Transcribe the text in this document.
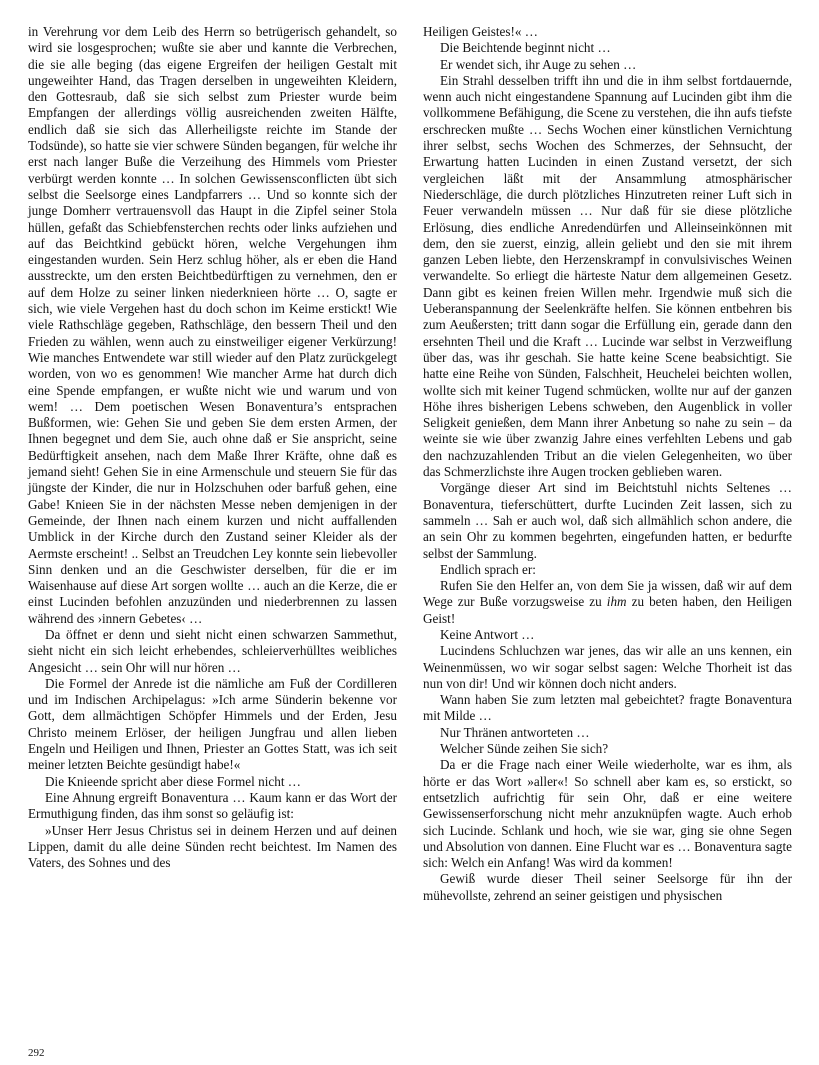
in Verehrung vor dem Leib des Herrn so betrügerisch gehandelt, so wird sie losgesprochen; wußte sie aber und kannte die Verbrechen, die sie alle beging (das eigene Ergreifen der heiligen Gestalt mit ungeweihter Hand, das Tragen derselben in ungeweihten Kleidern, den Gottesraub, daß sie sich selbst zum Priester wurde beim Empfangen der allerdings völlig ausreichenden zweiten Hälfte, endlich daß sie sich das Allerheiligste reichte im Stande der Todsünde), so hatte sie vier schwere Sünden begangen, für welche ihr erst nach langer Buße die Verzeihung des Himmels vom Priester verbürgt werden konnte … In solchen Gewissensconflicten übt sich selbst die Seelsorge eines Landpfarrers … Und so konnte sich der junge Domherr vertrauensvoll das Haupt in die Zipfel seiner Stola hüllen, gefaßt das Schiebfensterchen rechts oder links aufziehen und auf das Beichtkind gebückt hören, welche Vergehungen ihm eingestanden wurden. Sein Herz schlug höher, als er eben die Hand ausstreckte, um den ersten Beichtbedürftigen zu vernehmen, den er auf dem Holze zu seiner linken niederknieen hörte … O, sagte er sich, wie viele Vergehen hast du doch schon im Keime erstickt! Wie viele Rathschläge gegeben, Rathschläge, den bessern Theil und den Frieden zu wählen, wenn auch zu einstweiliger eigener Verkürzung! Wie manches Entwendete war still wieder auf den Platz zurückgelegt worden, von wo es genommen! Wie mancher Arme hat durch dich eine Spende empfangen, er wußte nicht wie und warum und von wem! … Dem poetischen Wesen Bonaventura’s entsprachen Bußformen, wie: Gehen Sie und geben Sie dem ersten Armen, der Ihnen begegnet und dem Sie, auch ohne daß er Sie anspricht, seine Bedürftigkeit ansehen, nach dem Maße Ihrer Kräfte, ohne daß es jemand sieht! Gehen Sie in eine Armenschule und steuern Sie für das jüngste der Kinder, die nur in Holzschuhen oder barfuß gehen, eine Gabe! Knieen Sie in der nächsten Messe neben demjenigen in der Gemeinde, der Ihnen nach einem kurzen und nicht auffallenden Umblick in der Kirche durch den Zustand seiner Kleider als der Aermste erscheint! .. Selbst an Treudchen Ley konnte sein liebevoller Sinn denken und an die Geschwister derselben, für die er im Waisenhause auf diese Art sorgen wollte … auch an die Kerze, die er einst Lucinden befohlen anzuzünden und niederbrennen zu lassen während des ›innern Gebetes‹ …

Da öffnet er denn und sieht nicht einen schwarzen Sammethut, sieht nicht ein sich leicht erhebendes, schleierverhülltes weibliches Angesicht … sein Ohr will nur hören …

Die Formel der Anrede ist die nämliche am Fuß der Cordilleren und im Indischen Archipelagus: »Ich arme Sünderin bekenne vor Gott, dem allmächtigen Schöpfer Himmels und der Erden, Jesu Christo meinem Erlöser, der heiligen Jungfrau und allen lieben Engeln und Heiligen und Ihnen, Priester an Gottes Statt, was ich seit meiner letzten Beichte gesündigt habe!«

Die Knieende spricht aber diese Formel nicht …

Eine Ahnung ergreift Bonaventura … Kaum kann er das Wort der Ermuthigung finden, das ihm sonst so geläufig ist:

»Unser Herr Jesus Christus sei in deinem Herzen und auf deinen Lippen, damit du alle deine Sünden recht beichtest. Im Namen des Vaters, des Sohnes und des

Heiligen Geistes!« …

Die Beichtende beginnt nicht …

Er wendet sich, ihr Auge zu sehen …

Ein Strahl desselben trifft ihn und die in ihm selbst fortdauernde, wenn auch nicht eingestandene Spannung auf Lucinden gibt ihm die vollkommene Befähigung, die Scene zu verstehen, die ihn aufs tiefste erschrecken mußte … Sechs Wochen einer künstlichen Vernichtung ihrer selbst, sechs Wochen des Schmerzes, der Sehnsucht, der Erwartung hatten Lucinden in einen Zustand versetzt, der sich vergleichen läßt mit der Ansammlung atmosphärischer Niederschläge, die durch plötzliches Hinzutreten reiner Luft sich in Feuer verwandeln müssen … Nur daß für sie diese plötzliche Erlösung, dies endliche Anredendürfen und Alleinseinkönnen mit dem, den sie zuerst, einzig, allein geliebt und den sie mit ihrem ganzen Leben liebte, den Herzenskrampf in convulsivisches Weinen verwandelte. So erliegt die härteste Natur dem allgemeinen Gesetz. Dann gibt es keinen freien Willen mehr. Irgendwie muß sich die Ueberanspannung der Seelenkräfte helfen. Sie können entbehren bis zum Aeußersten; tritt dann sogar die Erfüllung ein, gerade dann den ersehnten Theil und die Kraft … Lucinde war selbst in Verzweiflung über das, was ihr geschah. Sie hatte keine Scene beabsichtigt. Sie hatte eine Reihe von Sünden, Falschheit, Heuchelei beichten wollen, wollte sich mit keiner Tugend schmücken, wollte nur auf der ganzen Höhe ihres bisherigen Lebens schweben, den Augenblick in voller Seligkeit genießen, dem Mann ihrer Anbetung so nahe zu sein – da weinte sie wie über zwanzig Jahre eines verfehlten Lebens und gab den nachzuzahlenden Tribut an die vielen Gelegenheiten, wo über das Schmerzlichste ihre Augen trocken geblieben waren.

Vorgänge dieser Art sind im Beichtstuhl nichts Seltenes … Bonaventura, tieferschüttert, durfte Lucinden Zeit lassen, sich zu sammeln … Sah er auch wol, daß sich allmählich schon andere, die an sein Ohr zu kommen begehrten, eingefunden hatten, er bedurfte selbst der Sammlung.

Endlich sprach er:

Rufen Sie den Helfer an, von dem Sie ja wissen, daß wir auf dem Wege zur Buße vorzugsweise zu ihm zu beten haben, den Heiligen Geist!

Keine Antwort …

Lucindens Schluchzen war jenes, das wir alle an uns kennen, ein Weinenmüssen, wo wir sogar selbst sagen: Welche Thorheit ist das nun von dir! Und wir können doch nicht anders.

Wann haben Sie zum letzten mal gebeichtet? fragte Bonaventura mit Milde …

Nur Thränen antworteten …

Welcher Sünde zeihen Sie sich?

Da er die Frage nach einer Weile wiederholte, war es ihm, als hörte er das Wort »aller«! So schnell aber kam es, so erstickt, so entsetzlich aufrichtig für sein Ohr, daß er eine weitere Gewissenserforschung nicht mehr anzuknüpfen wagte. Auch erhob sich Lucinde. Schlank und hoch, wie sie war, ging sie ohne Segen und Absolution von dannen. Eine Flucht war es … Bonaventura sagte sich: Welch ein Anfang! Was wird da kommen!

Gewiß wurde dieser Theil seiner Seelsorge für ihn der mühevollste, zehrend an seiner geistigen und physischen

292
